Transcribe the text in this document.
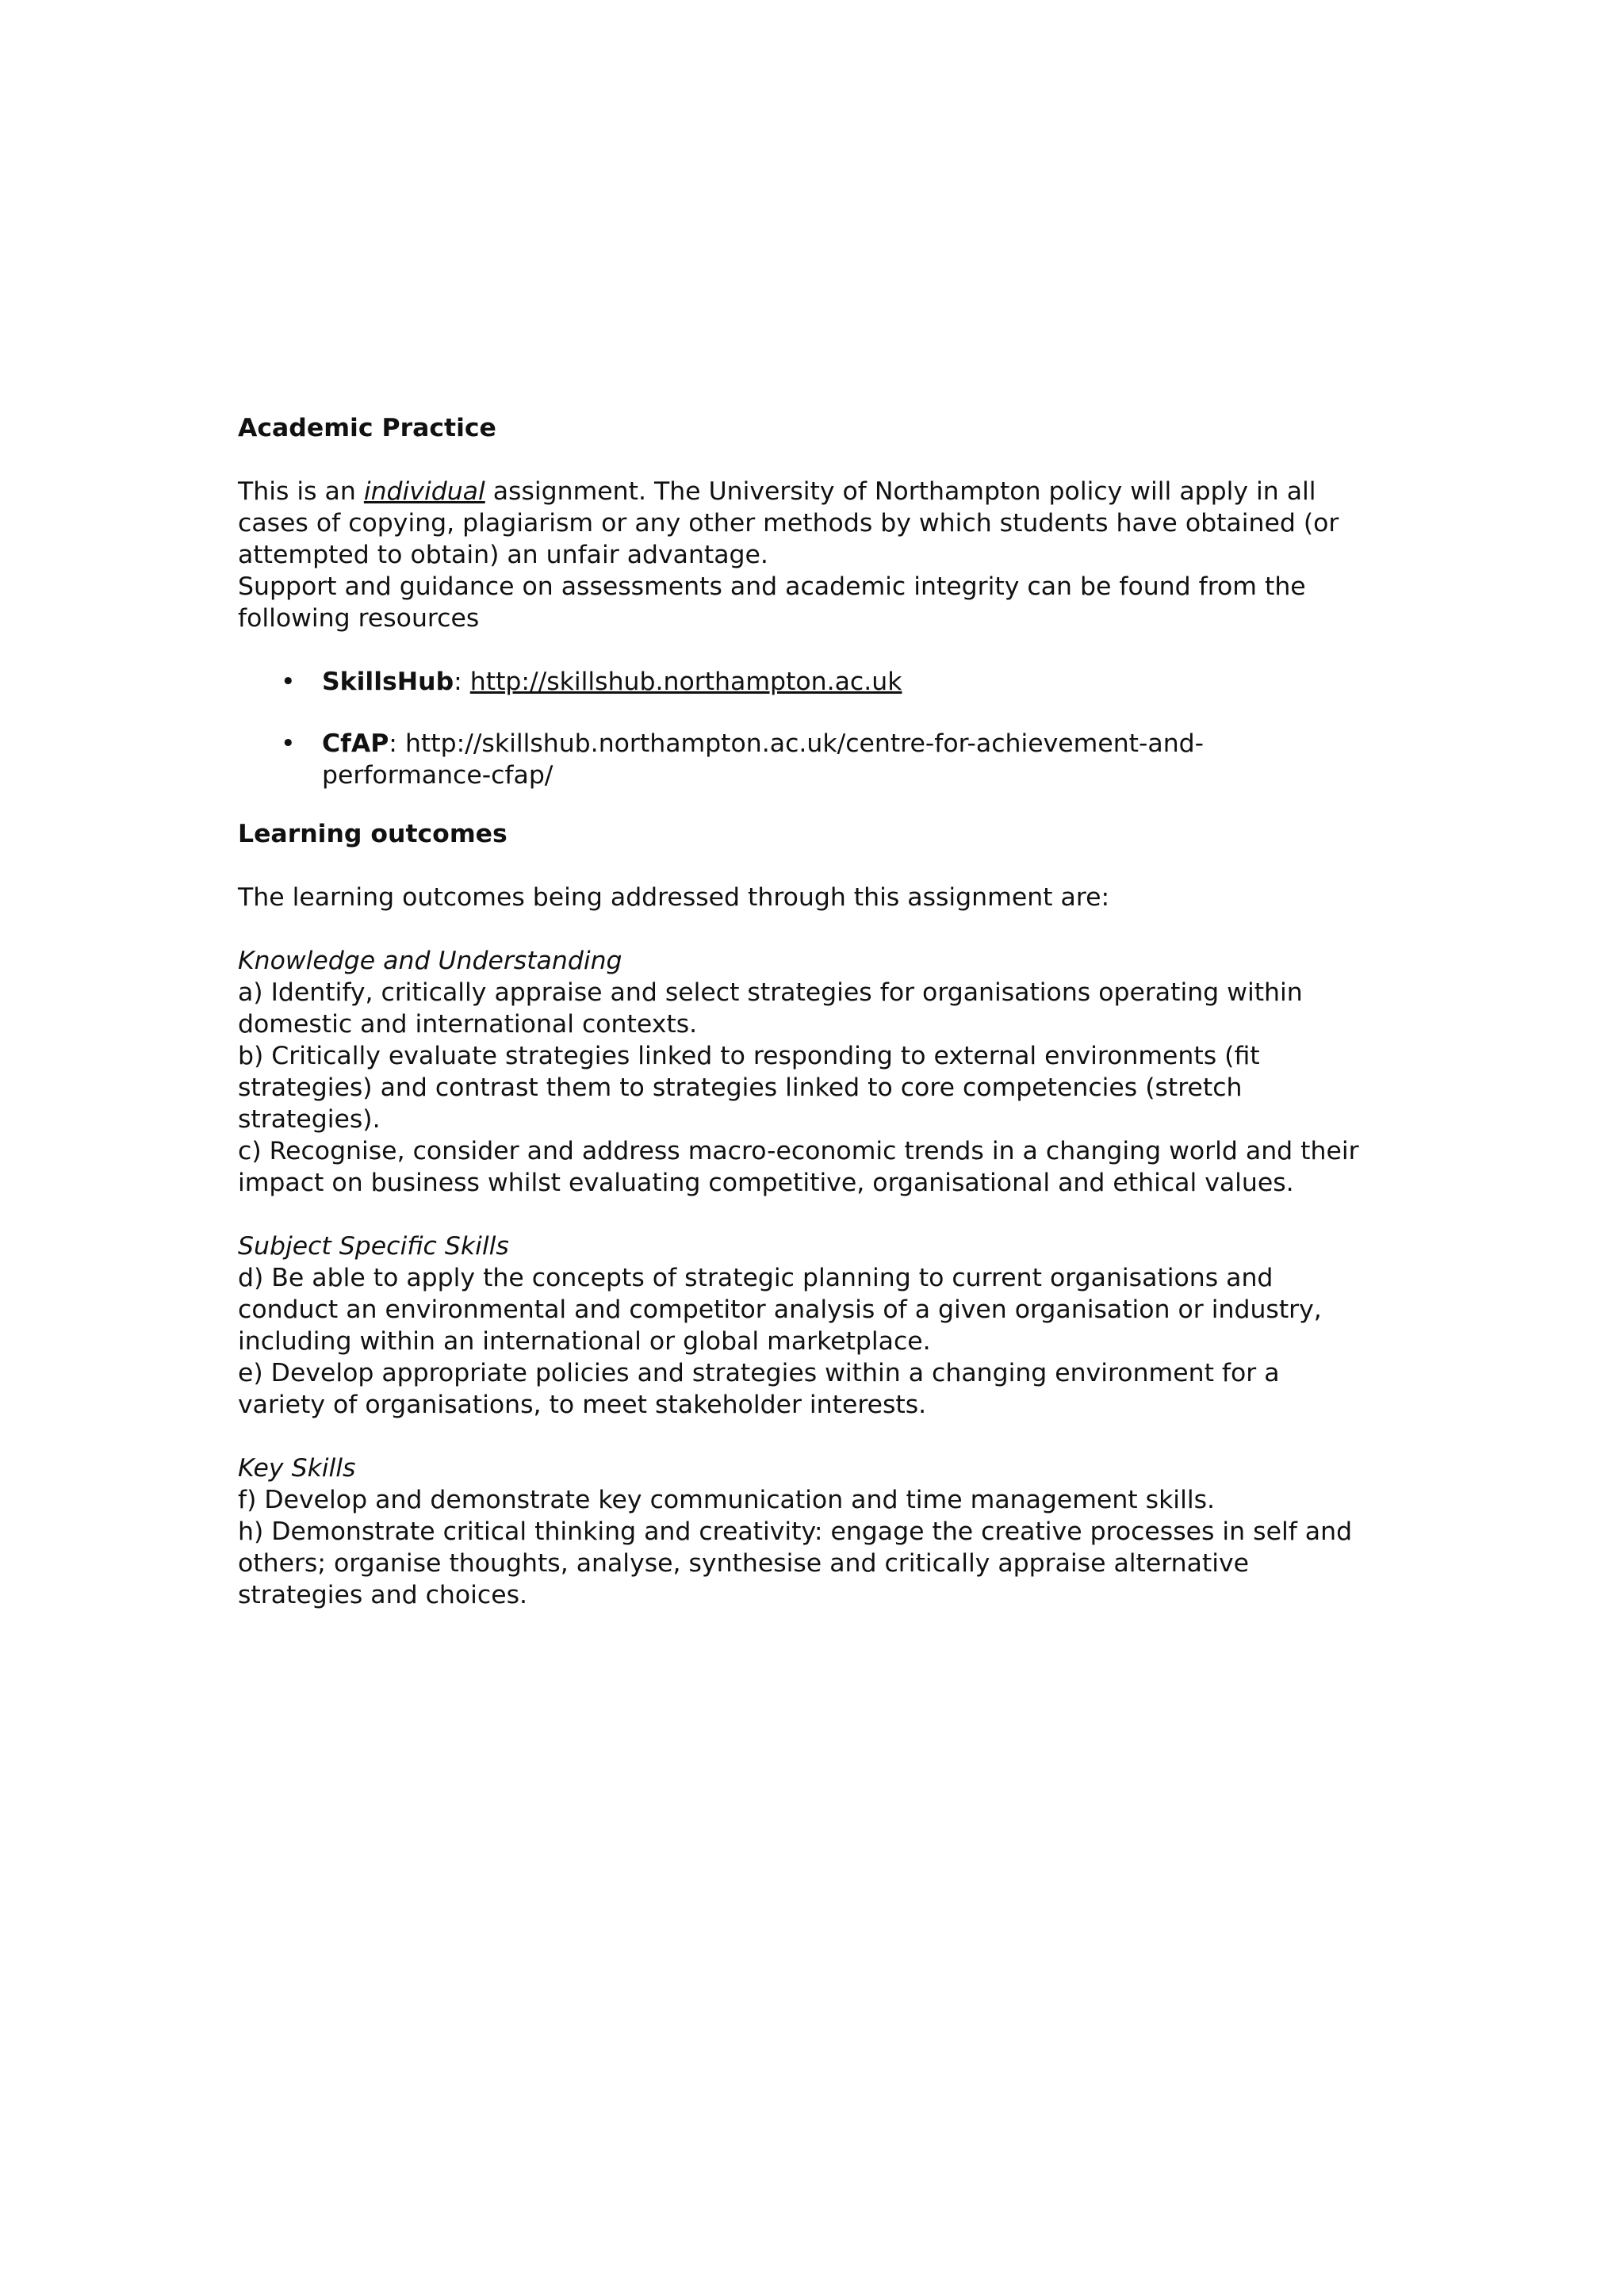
Academic Practice

This is an individual assignment. The University of Northampton policy will apply in all cases of copying, plagiarism or any other methods by which students have obtained (or attempted to obtain) an unfair advantage.

Support and guidance on assessments and academic integrity can be found from the following resources

• SkillsHub: http://skillshub.northampton.ac.uk
• CfAP: http://skillshub.northampton.ac.uk/centre-for-achievement-and-performance-cfap/

Learning outcomes

The learning outcomes being addressed through this assignment are:

Knowledge and Understanding

a) Identify, critically appraise and select strategies for organisations operating within domestic and international contexts.

b) Critically evaluate strategies linked to responding to external environments (fit strategies) and contrast them to strategies linked to core competencies (stretch strategies).

c) Recognise, consider and address macro-economic trends in a changing world and their impact on business whilst evaluating competitive, organisational and ethical values.

Subject Specific Skills

d) Be able to apply the concepts of strategic planning to current organisations and conduct an environmental and competitor analysis of a given organisation or industry, including within an international or global marketplace.

e) Develop appropriate policies and strategies within a changing environment for a variety of organisations, to meet stakeholder interests.

Key Skills

f) Develop and demonstrate key communication and time management skills.

h) Demonstrate critical thinking and creativity: engage the creative processes in self and others; organise thoughts, analyse, synthesise and critically appraise alternative strategies and choices.
